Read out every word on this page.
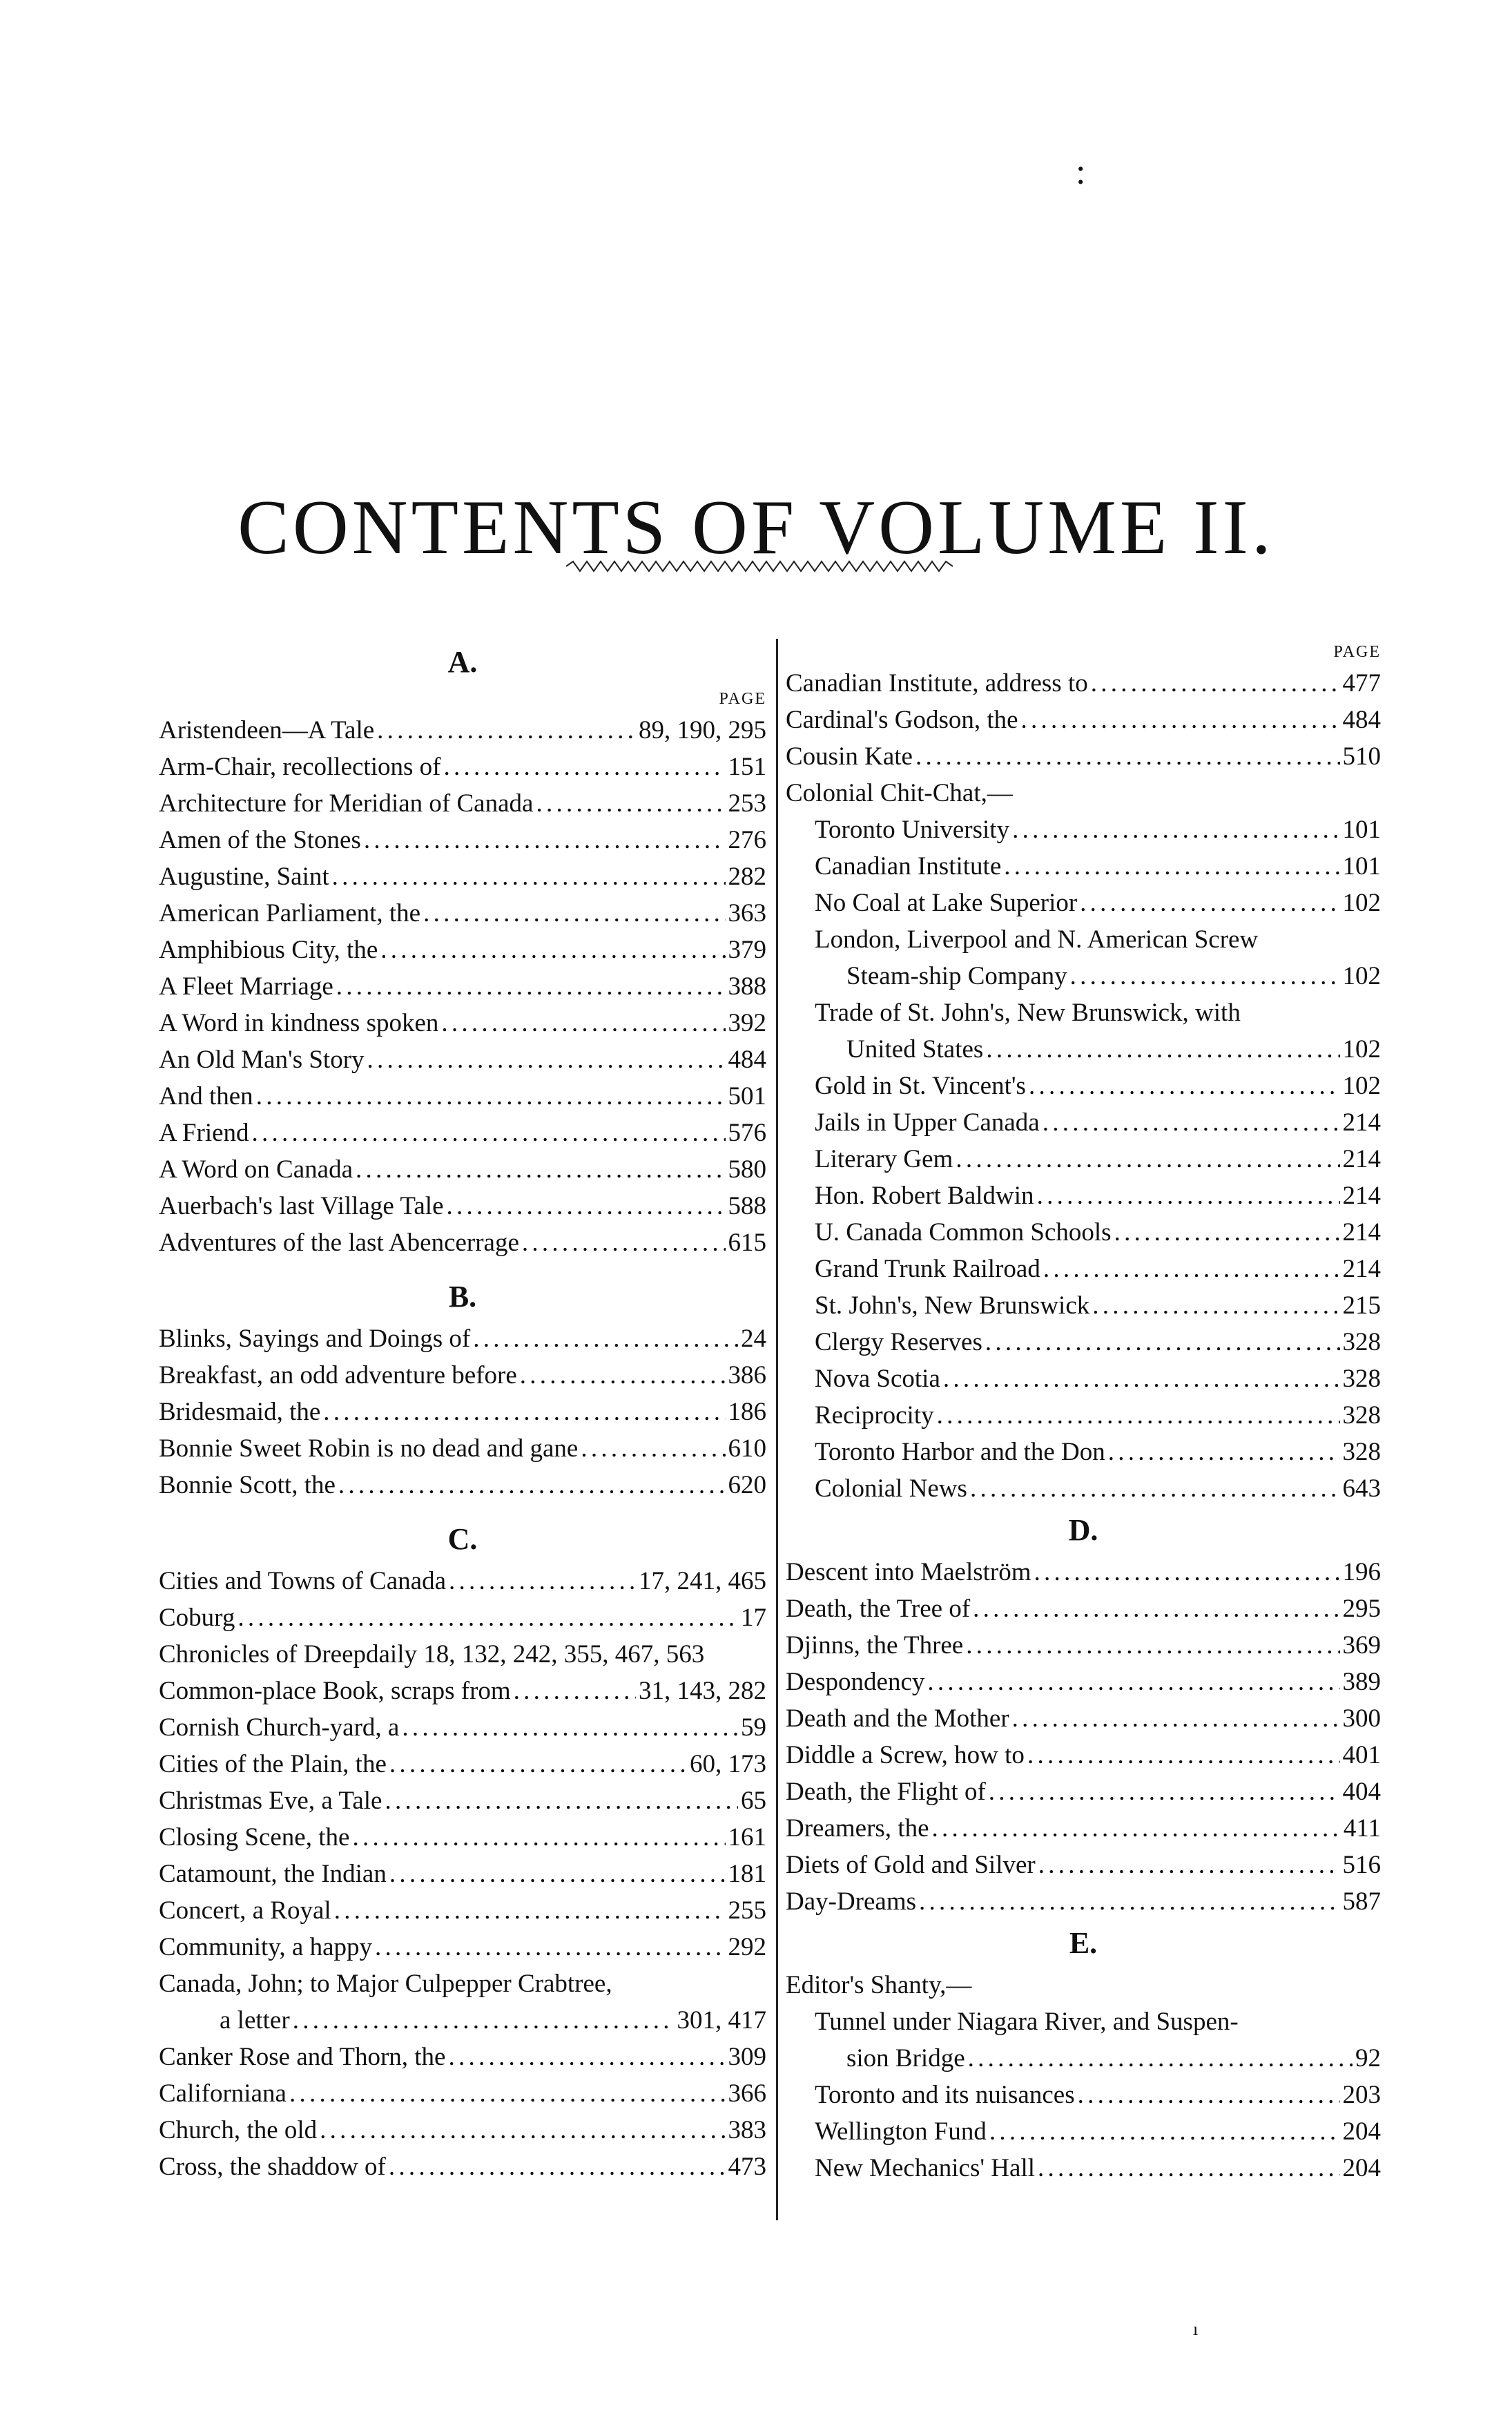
:
CONTENTS OF VOLUME II.
A.
PAGE
Aristendeen—A Tale . . .	89, 190, 295
Arm-Chair, recollections of . . .	151
Architecture for Meridian of Canada . . .	253
Amen of the Stones . . .	276
Augustine, Saint . . .	282
American Parliament, the . . .	363
Amphibious City, the . . .	379
A Fleet Marriage . . .	388
A Word in kindness spoken . . .	392
An Old Man's Story . . .	484
And then . . .	501
A Friend . . .	576
A Word on Canada . . .	580
Auerbach's last Village Tale . . .	588
Adventures of the last Abencerrage . . .	615
B.
Blinks, Sayings and Doings of . . .	24
Breakfast, an odd adventure before . . .	386
Bridesmaid, the . . .	186
Bonnie Sweet Robin is no dead and gane . . .	610
Bonnie Scott, the . . .	620
C.
Cities and Towns of Canada . . .	17, 241, 465
Coburg . . .	17
Chronicles of Dreepdaily 18, 132, 242, 355, 467, 563
Common-place Book, scraps from . . .	31, 143, 282
Cornish Church-yard, a . . .	59
Cities of the Plain, the . . .	60, 173
Christmas Eve, a Tale . . .	65
Closing Scene, the . . .	161
Catamount, the Indian . . .	181
Concert, a Royal . . .	255
Community, a happy . . .	292
Canada, John; to Major Culpepper Crabtree,
a letter . . .	301, 417
Canker Rose and Thorn, the . . .	309
Californiana . . .	366
Church, the old . . .	383
Cross, the shaddow of . . .	473
PAGE
Canadian Institute, address to . . .	477
Cardinal's Godson, the . . .	484
Cousin Kate . . .	510
Colonial Chit-Chat,—
Toronto University . . .	101
Canadian Institute . . .	101
No Coal at Lake Superior . . .	102
London, Liverpool and N. American Screw
Steam-ship Company . . .	102
Trade of St. John's, New Brunswick, with
United States . . .	102
Gold in St. Vincent's . . .	102
Jails in Upper Canada . . .	214
Literary Gem . . .	214
Hon. Robert Baldwin . . .	214
U. Canada Common Schools . . .	214
Grand Trunk Railroad . . .	214
St. John's, New Brunswick . . .	215
Clergy Reserves . . .	328
Nova Scotia . . .	328
Reciprocity . . .	328
Toronto Harbor and the Don . . .	328
Colonial News . . .	643
D.
Descent into Maelström . . .	196
Death, the Tree of . . .	295
Djinns, the Three . . .	369
Despondency . . .	389
Death and the Mother . . .	300
Diddle a Screw, how to . . .	401
Death, the Flight of . . .	404
Dreamers, the . . .	411
Diets of Gold and Silver . . .	516
Day-Dreams . . .	587
E.
Editor's Shanty,—
Tunnel under Niagara River, and Suspen-
sion Bridge . . .	92
Toronto and its nuisances . . .	203
Wellington Fund . . .	204
New Mechanics' Hall . . .	204
ı
